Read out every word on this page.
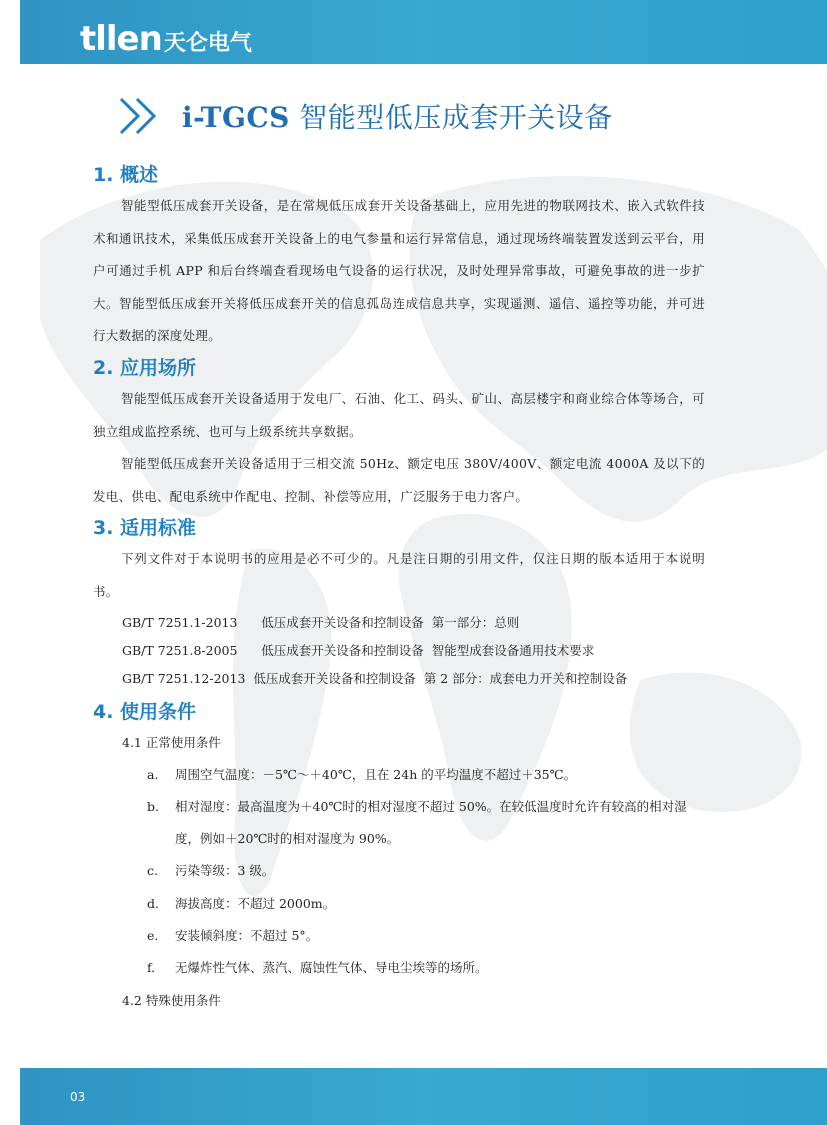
tllen 天仑电气
i-TGCS 智能型低压成套开关设备
1. 概述

智能型低压成套开关设备，是在常规低压成套开关设备基础上，应用先进的物联网技术、嵌入式软件技术和通讯技术，采集低压成套开关设备上的电气参量和运行异常信息，通过现场终端装置发送到云平台，用户可通过手机 APP 和后台终端查看现场电气设备的运行状况，及时处理异常事故，可避免事故的进一步扩大。智能型低压成套开关将低压成套开关的信息孤岛连成信息共享，实现遥测、遥信、遥控等功能，并可进行大数据的深度处理。

2. 应用场所

智能型低压成套开关设备适用于发电厂、石油、化工、码头、矿山、高层楼宇和商业综合体等场合，可独立组成监控系统、也可与上级系统共享数据。

智能型低压成套开关设备适用于三相交流 50Hz、额定电压 380V/400V、额定电流 4000A 及以下的发电、供电、配电系统中作配电、控制、补偿等应用，广泛服务于电力客户。

3. 适用标准

下列文件对于本说明书的应用是必不可少的。凡是注日期的引用文件，仅注日期的版本适用于本说明书。

GB/T 7251.1-2013      低压成套开关设备和控制设备  第一部分：总则

GB/T 7251.8-2005      低压成套开关设备和控制设备  智能型成套设备通用技术要求

GB/T 7251.12-2013  低压成套开关设备和控制设备  第 2 部分：成套电力开关和控制设备

4. 使用条件

4.1 正常使用条件

a.	周围空气温度：－5℃～＋40℃，且在 24h 的平均温度不超过＋35℃。
b.	相对湿度：最高温度为＋40℃时的相对湿度不超过 50%。在较低温度时允许有较高的相对湿度，例如＋20℃时的相对湿度为 90%。
c.	污染等级：3 级。
d.	海拔高度：不超过 2000m。
e.	安装倾斜度：不超过 5°。
f.	无爆炸性气体、蒸汽、腐蚀性气体、导电尘埃等的场所。

4.2 特殊使用条件

03
